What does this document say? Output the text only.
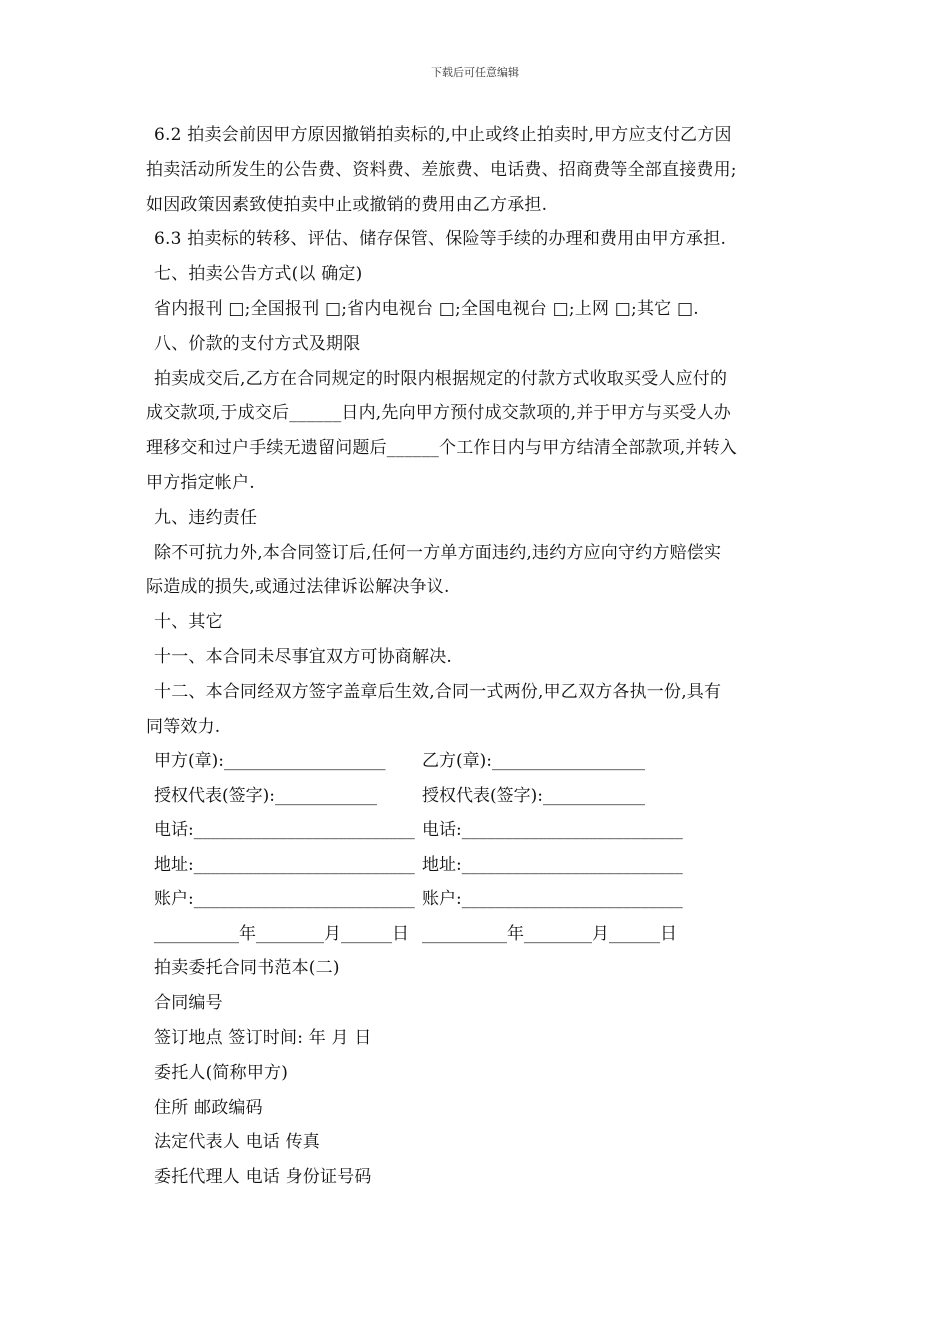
下载后可任意编辑

6.2 拍卖会前因甲方原因撤销拍卖标的,中止或终止拍卖时,甲方应支付乙方因

拍卖活动所发生的公告费、资料费、差旅费、电话费、招商费等全部直接费用;

如因政策因素致使拍卖中止或撤销的费用由乙方承担.

6.3 拍卖标的转移、评估、储存保管、保险等手续的办理和费用由甲方承担.

七、拍卖公告方式(以 确定)

省内报刊 □;全国报刊 □;省内电视台 □;全国电视台 □;上网 □;其它 □.

八、价款的支付方式及期限

拍卖成交后,乙方在合同规定的时限内根据规定的付款方式收取买受人应付的

成交款项,于成交后______日内,先向甲方预付成交款项的,并于甲方与买受人办

理移交和过户手续无遗留问题后______个工作日内与甲方结清全部款项,并转入

甲方指定帐户.

九、违约责任

除不可抗力外,本合同签订后,任何一方单方面违约,违约方应向守约方赔偿实

际造成的损失,或通过法律诉讼解决争议.

十、其它

十一、本合同未尽事宜双方可协商解决.

十二、本合同经双方签字盖章后生效,合同一式两份,甲乙双方各执一份,具有

同等效力.

甲方(章):___________________	乙方(章):__________________
授权代表(签字):____________	授权代表(签字):____________
电话:__________________________ 电话:__________________________
地址:__________________________ 地址:__________________________
账户:__________________________ 账户:__________________________
__________年________月______日 __________年________月______日

拍卖委托合同书范本(二)

合同编号

签订地点 签订时间: 年 月 日

委托人(简称甲方)

住所 邮政编码

法定代表人 电话 传真

委托代理人 电话 身份证号码
